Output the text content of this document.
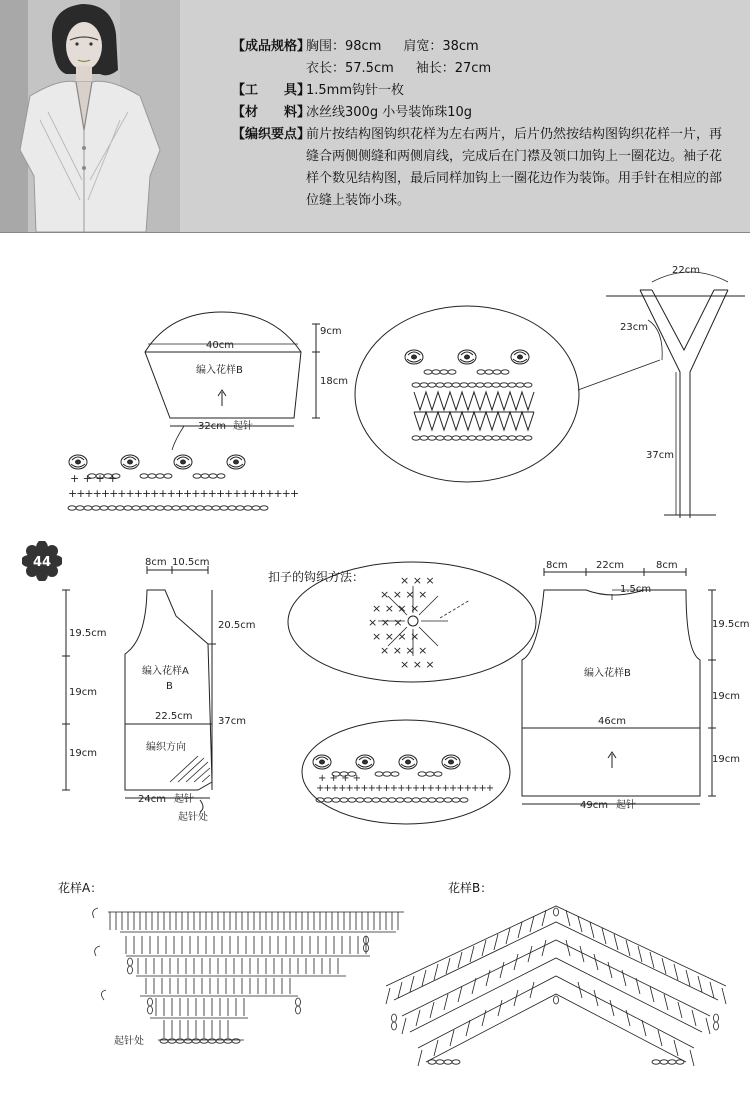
【成品规格】
胸围：98cm 肩宽：38cm
衣长：57.5cm 袖长：27cm
【工　　具】
1.5mm钩针一枚
【材　　料】
冰丝线300g 小号装饰珠10g
【编织要点】
前片按结构图钩织花样为左右两片，后片仍然按结构图钩织花样一片，再缝合两侧侧缝和两侧肩线，完成后在门襟及领口加钩上一圈花边。袖子花样个数见结构图，最后同样加钩上一圈花边作为装饰。用手针在相应的部位缝上装饰小珠。
44
40cm
9cm
18cm
编入花样B
32cm 起针
+ + + +
++++++++++++++++++++++++++++
22cm
23cm
37cm
8cm 10.5cm
19.5cm
19cm
19cm
20.5cm
37cm
编入花样A
B
22.5cm
编织方向
24cm 起针
起针处
× × ×
× × × ×
× × × ×
× × ×
× × × ×
× × × ×
× × ×
扣子的钩织方法：
+ + + +
++++++++++++++++++++++++
8cm	22cm	8cm
1.5cm
19.5cm
19cm
19cm
编入花样B
46cm
49cm 起针
花样A：
起针处
花样B：
